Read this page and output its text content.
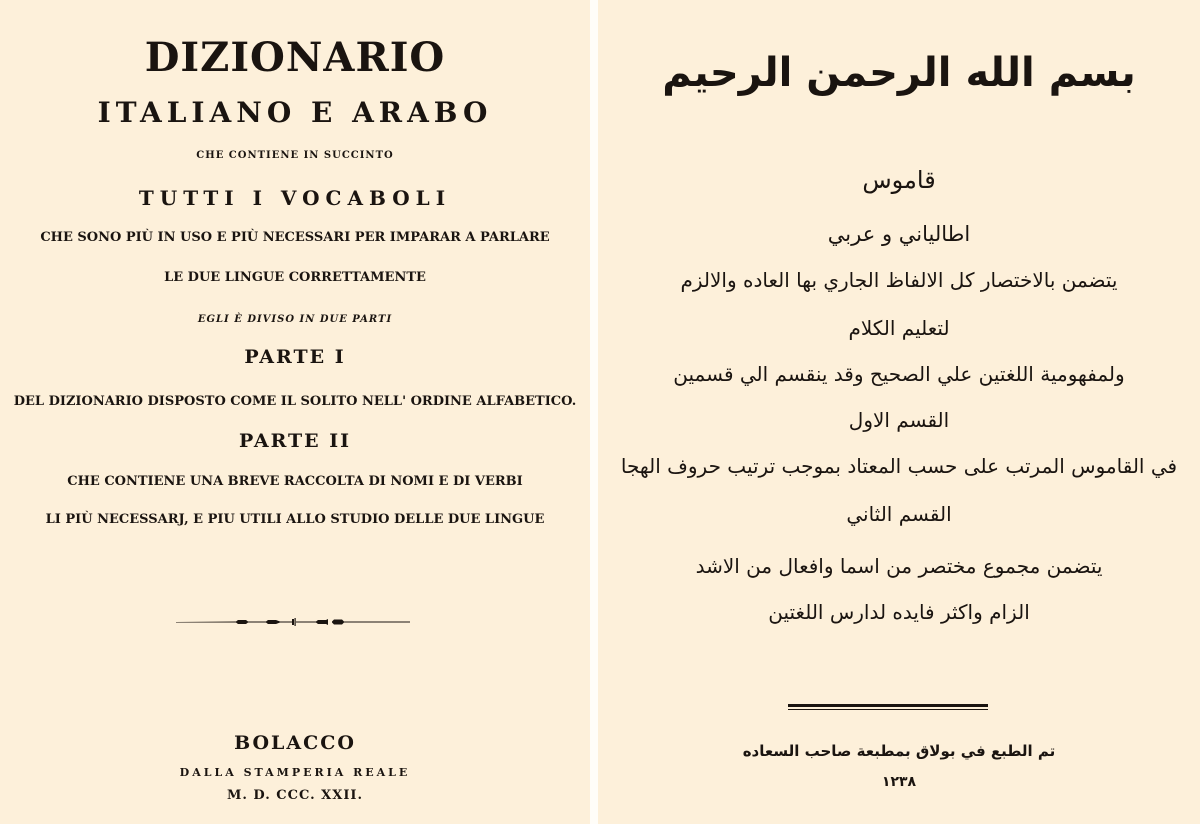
DIZIONARIO
ITALIANO E ARABO
CHE CONTIENE IN SUCCINTO
TUTTI I VOCABOLI
CHE SONO PIÙ IN USO E PIÙ NECESSARI PER IMPARAR A PARLARE
LE DUE LINGUE CORRETTAMENTE
EGLI È DIVISO IN DUE PARTI
PARTE I
DEL DIZIONARIO DISPOSTO COME IL SOLITO NELL' ORDINE ALFABETICO.
PARTE II
CHE CONTIENE UNA BREVE RACCOLTA DI NOMI E DI VERBI
LI PIÙ NECESSARJ, E PIU UTILI ALLO STUDIO DELLE DUE LINGUE
BOLACCO
DALLA STAMPERIA REALE
M. D. CCC. XXII.
بسم الله الرحمن الرحيم
قاموس
اطالياني و عربي
يتضمن بالاختصار كل الالفاظ الجاري بها العاده والالزم
لتعليم الكلام
ولمفهومية اللغتين علي الصحيح وقد ينقسم الي قسمين
القسم الاول
في القاموس المرتب على حسب المعتاد بموجب ترتيب حروف الهجا
القسم الثاني
يتضمن مجموع مختصر من اسما وافعال من الاشد
الزام واكثر فايده لدارس اللغتين
تم الطبع في بولاق بمطبعة صاحب السعاده
١٢٣٨
